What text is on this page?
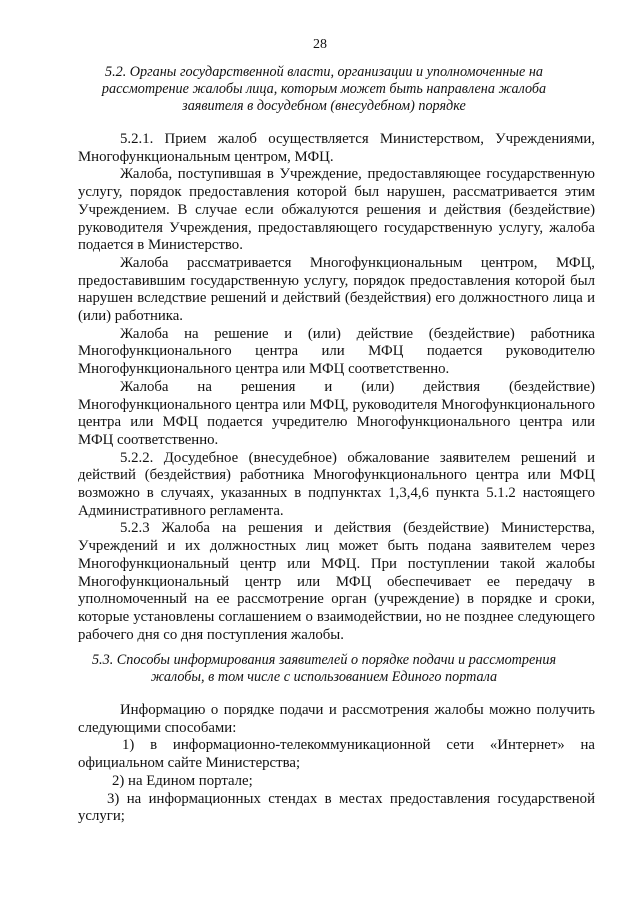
28
5.2. Органы государственной власти, организации и уполномоченные на рассмотрение жалобы лица, которым может быть направлена жалоба заявителя в досудебном (внесудебном) порядке

5.2.1. Прием жалоб осуществляется Министерством, Учреждениями, Многофункциональным центром, МФЦ.

Жалоба, поступившая в Учреждение, предоставляющее государственную услугу, порядок предоставления которой был нарушен, рассматривается этим Учреждением. В случае если обжалуются решения и действия (бездействие) руководителя Учреждения, предоставляющего государственную услугу, жалоба подается в Министерство.

Жалоба рассматривается Многофункциональным центром, МФЦ, предоставившим государственную услугу, порядок предоставления которой был нарушен вследствие решений и действий (бездействия) его должностного лица и (или) работника.

Жалоба на решение и (или) действие (бездействие) работника Многофункционального центра или МФЦ подается руководителю Многофункционального центра или МФЦ соответственно.

Жалоба на решения и (или) действия (бездействие) Многофункционального центра или МФЦ, руководителя Многофункционального центра или МФЦ подается учредителю Многофункционального центра или МФЦ соответственно.

5.2.2. Досудебное (внесудебное) обжалование заявителем решений и действий (бездействия) работника Многофункционального центра или МФЦ возможно в случаях, указанных в подпунктах 1,3,4,6 пункта 5.1.2 настоящего Административного регламента.

5.2.3 Жалоба на решения и действия (бездействие) Министерства, Учреждений и их должностных лиц может быть подана заявителем через Многофункциональный центр или МФЦ. При поступлении такой жалобы Многофункциональный центр или МФЦ обеспечивает ее передачу в уполномоченный на ее рассмотрение орган (учреждение) в порядке и сроки, которые установлены соглашением о взаимодействии, но не позднее следующего рабочего дня со дня поступления жалобы.

5.3. Способы информирования заявителей о порядке подачи и рассмотрения жалобы, в том числе с использованием Единого портала

Информацию о порядке подачи и рассмотрения жалобы можно получить следующими способами:

1) в информационно-телекоммуникационной сети «Интернет» на официальном сайте Министерства;

2) на Едином портале;

3) на информационных стендах в местах предоставления государственой услуги;
